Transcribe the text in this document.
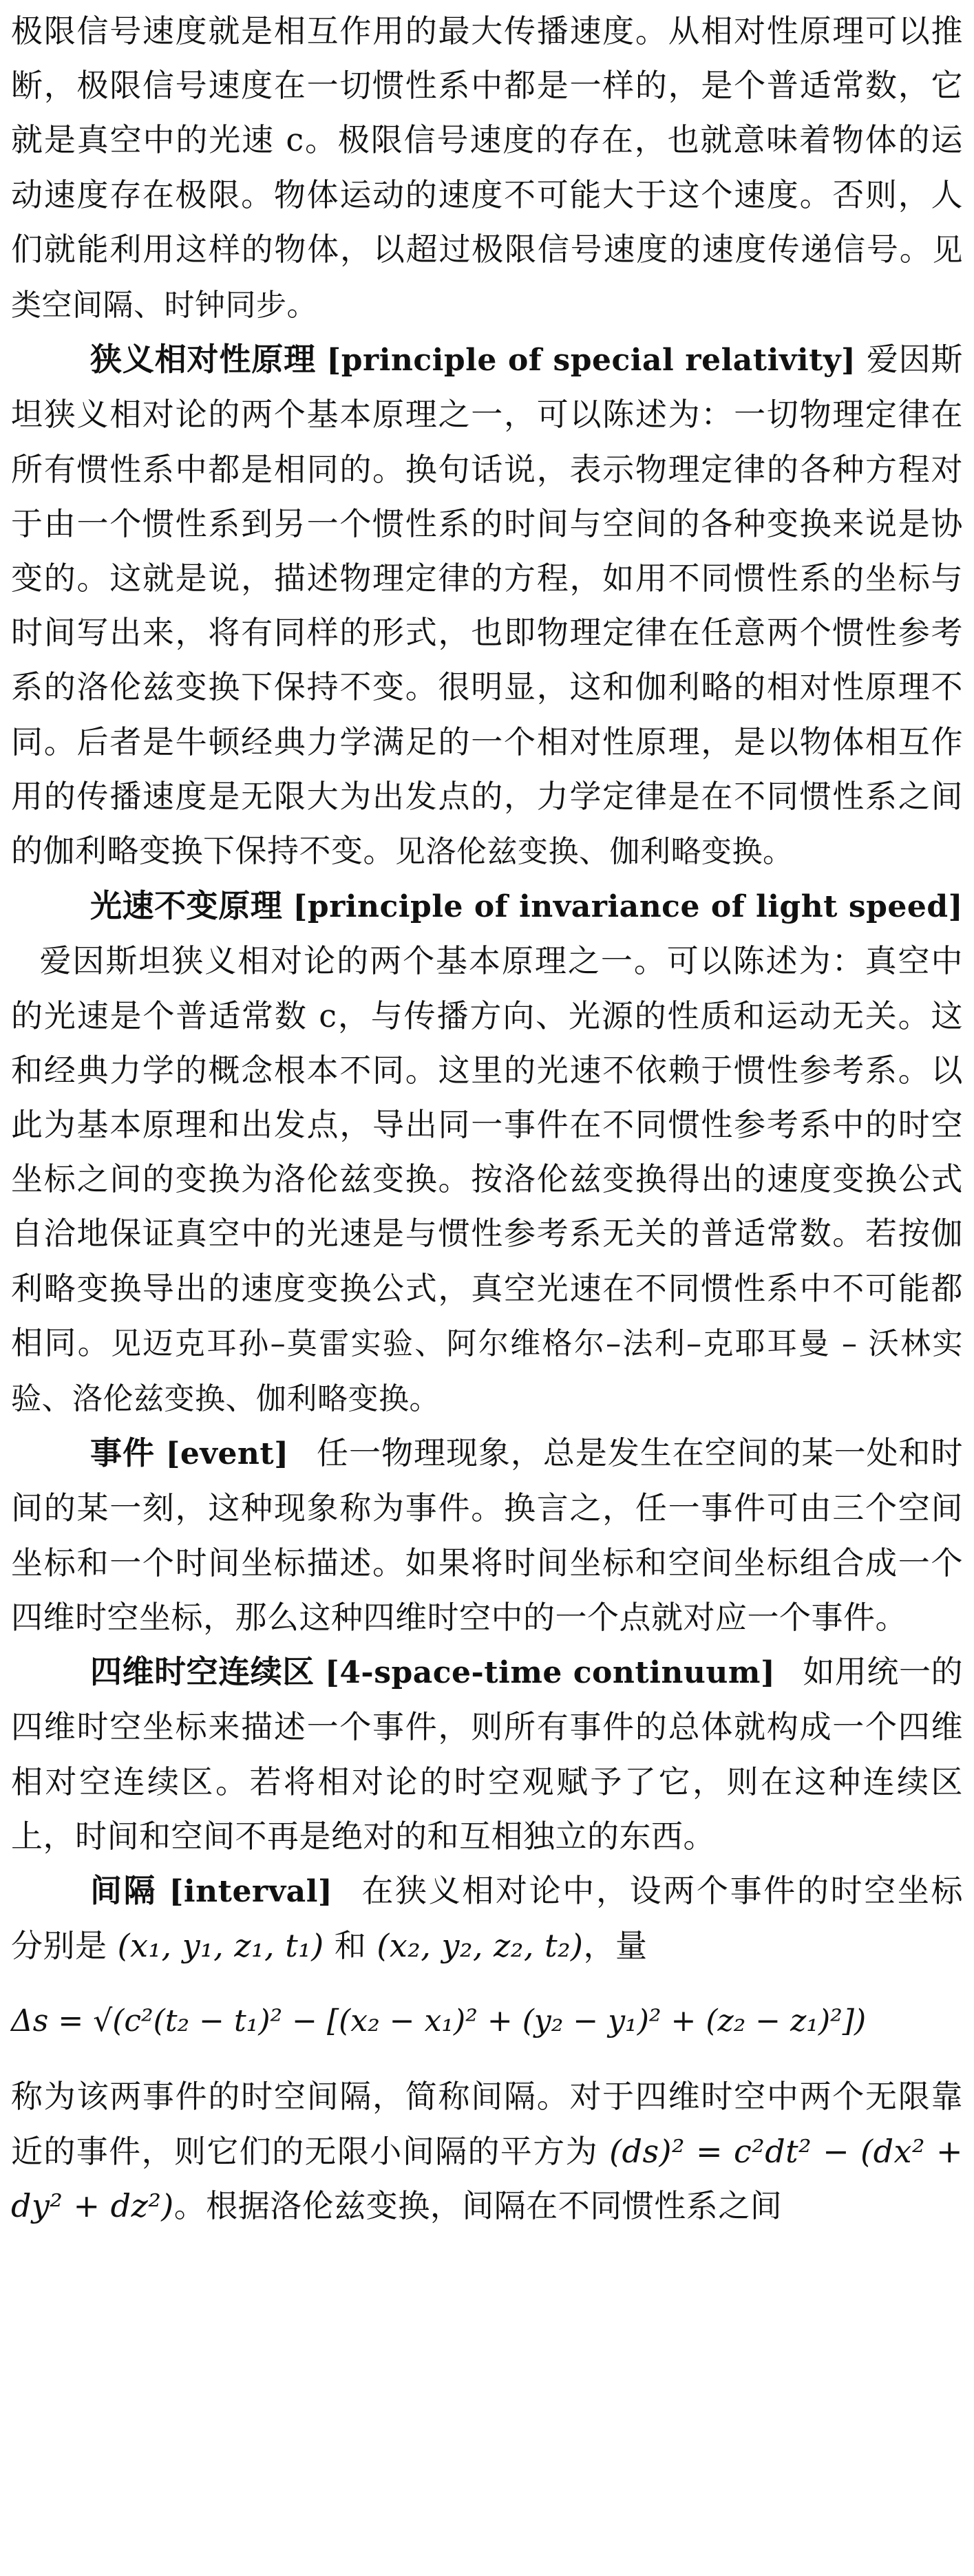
极限信号速度就是相互作用的最大传播速度。从相对性原理可以推断，极限信号速度在一切惯性系中都是一样的，是个普适常数，它就是真空中的光速 c。极限信号速度的存在，也就意味着物体的运动速度存在极限。物体运动的速度不可能大于这个速度。否则，人们就能利用这样的物体，以超过极限信号速度的速度传递信号。见类空间隔、时钟同步。

狭义相对性原理 [principle of special relativity] 爱因斯坦狭义相对论的两个基本原理之一，可以陈述为：一切物理定律在所有惯性系中都是相同的。换句话说，表示物理定律的各种方程对于由一个惯性系到另一个惯性系的时间与空间的各种变换来说是协变的。这就是说，描述物理定律的方程，如用不同惯性系的坐标与时间写出来，将有同样的形式，也即物理定律在任意两个惯性参考系的洛伦兹变换下保持不变。很明显，这和伽利略的相对性原理不同。后者是牛顿经典力学满足的一个相对性原理，是以物体相互作用的传播速度是无限大为出发点的，力学定律是在不同惯性系之间的伽利略变换下保持不变。见洛伦兹变换、伽利略变换。

光速不变原理 [principle of invariance of light speed]爱因斯坦狭义相对论的两个基本原理之一。可以陈述为：真空中的光速是个普适常数 c，与传播方向、光源的性质和运动无关。这和经典力学的概念根本不同。这里的光速不依赖于惯性参考系。以此为基本原理和出发点，导出同一事件在不同惯性参考系中的时空坐标之间的变换为洛伦兹变换。按洛伦兹变换得出的速度变换公式自洽地保证真空中的光速是与惯性参考系无关的普适常数。若按伽利略变换导出的速度变换公式，真空光速在不同惯性系中不可能都相同。见迈克耳孙–莫雷实验、阿尔维格尔–法利–克耶耳曼 – 沃林实验、洛伦兹变换、伽利略变换。

事件 [event] 任一物理现象，总是发生在空间的某一处和时间的某一刻，这种现象称为事件。换言之，任一事件可由三个空间坐标和一个时间坐标描述。如果将时间坐标和空间坐标组合成一个四维时空坐标，那么这种四维时空中的一个点就对应一个事件。

四维时空连续区 [4-space-time continuum] 如用统一的四维时空坐标来描述一个事件，则所有事件的总体就构成一个四维相对空连续区。若将相对论的时空观赋予了它，则在这种连续区上，时间和空间不再是绝对的和互相独立的东西。

间隔 [interval] 在狭义相对论中，设两个事件的时空坐标分别是 (x₁, y₁, z₁, t₁) 和 (x₂, y₂, z₂, t₂)，量

Δs = √(c²(t₂ − t₁)² − [(x₂ − x₁)² + (y₂ − y₁)² + (z₂ − z₁)²])

称为该两事件的时空间隔，简称间隔。对于四维时空中两个无限靠近的事件，则它们的无限小间隔的平方为 (ds)² = c²dt² − (dx² + dy² + dz²)。根据洛伦兹变换，间隔在不同惯性系之间
